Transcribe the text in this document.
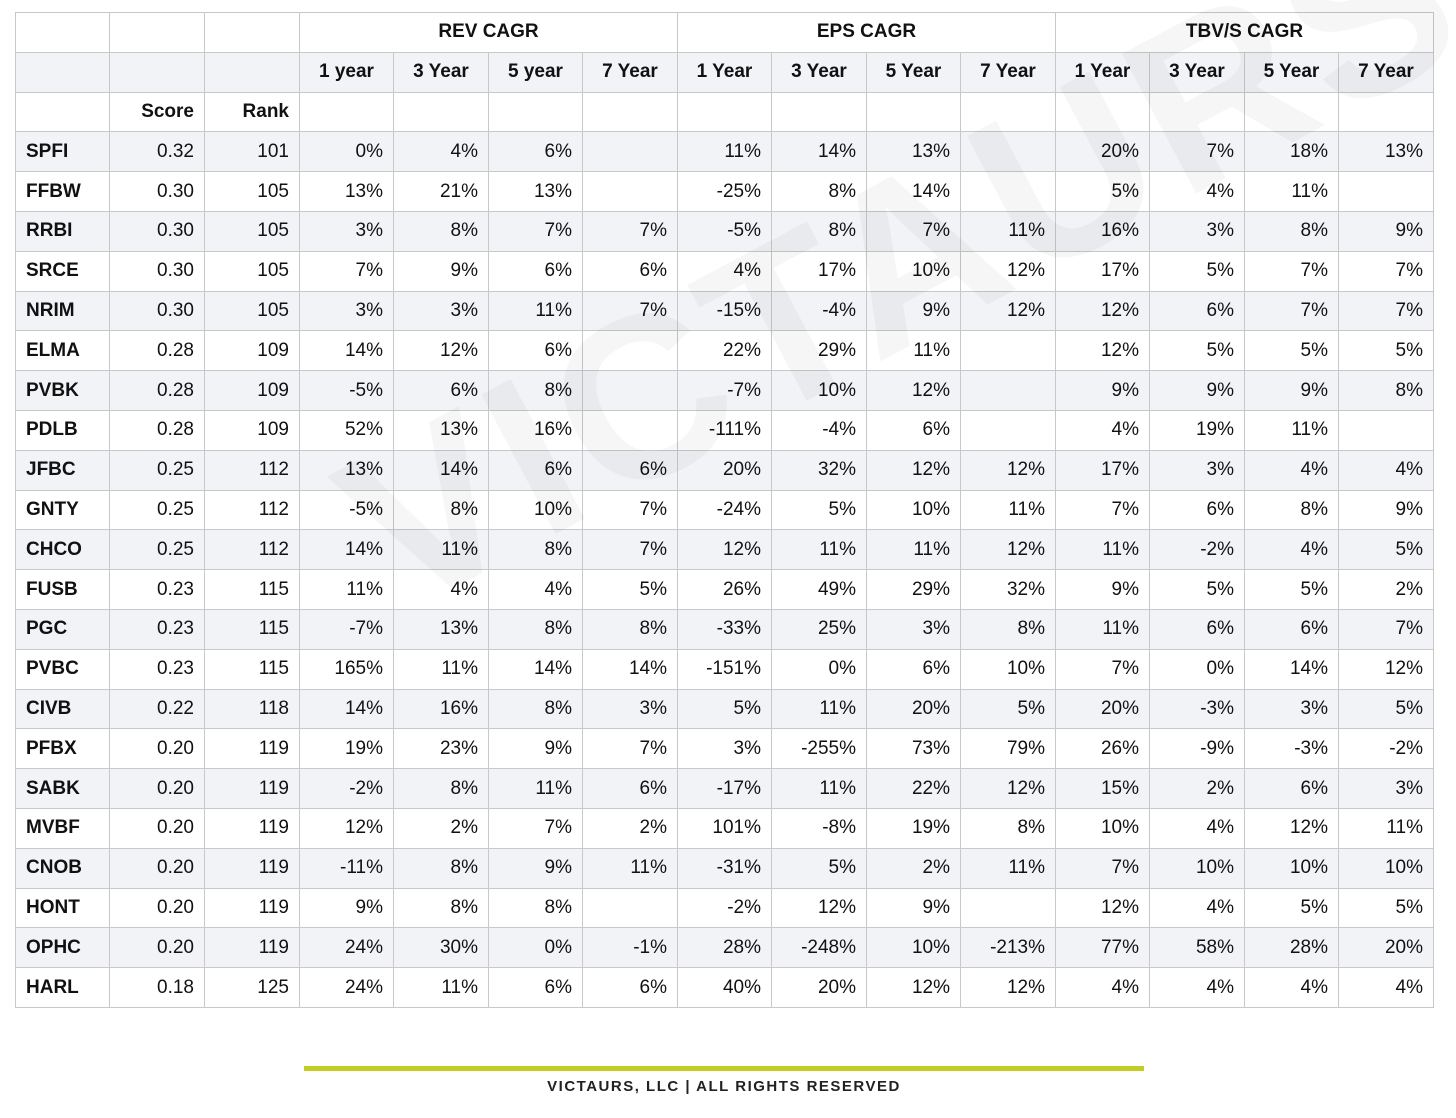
			REV CAGR				EPS CAGR				TBV/S CAGR			
			1 year	3 Year	5 year	7 Year	1 Year	3 Year	5 Year	7 Year	1 Year	3 Year	5 Year	7 Year
	Score	Rank												
SPFI	0.32	101	0%	4%	6%		11%	14%	13%		20%	7%	18%	13%
FFBW	0.30	105	13%	21%	13%		-25%	8%	14%		5%	4%	11%	
RRBI	0.30	105	3%	8%	7%	7%	-5%	8%	7%	11%	16%	3%	8%	9%
SRCE	0.30	105	7%	9%	6%	6%	4%	17%	10%	12%	17%	5%	7%	7%
NRIM	0.30	105	3%	3%	11%	7%	-15%	-4%	9%	12%	12%	6%	7%	7%
ELMA	0.28	109	14%	12%	6%		22%	29%	11%		12%	5%	5%	5%
PVBK	0.28	109	-5%	6%	8%		-7%	10%	12%		9%	9%	9%	8%
PDLB	0.28	109	52%	13%	16%		-111%	-4%	6%		4%	19%	11%	
JFBC	0.25	112	13%	14%	6%	6%	20%	32%	12%	12%	17%	3%	4%	4%
GNTY	0.25	112	-5%	8%	10%	7%	-24%	5%	10%	11%	7%	6%	8%	9%
CHCO	0.25	112	14%	11%	8%	7%	12%	11%	11%	12%	11%	-2%	4%	5%
FUSB	0.23	115	11%	4%	4%	5%	26%	49%	29%	32%	9%	5%	5%	2%
PGC	0.23	115	-7%	13%	8%	8%	-33%	25%	3%	8%	11%	6%	6%	7%
PVBC	0.23	115	165%	11%	14%	14%	-151%	0%	6%	10%	7%	0%	14%	12%
CIVB	0.22	118	14%	16%	8%	3%	5%	11%	20%	5%	20%	-3%	3%	5%
PFBX	0.20	119	19%	23%	9%	7%	3%	-255%	73%	79%	26%	-9%	-3%	-2%
SABK	0.20	119	-2%	8%	11%	6%	-17%	11%	22%	12%	15%	2%	6%	3%
MVBF	0.20	119	12%	2%	7%	2%	101%	-8%	19%	8%	10%	4%	12%	11%
CNOB	0.20	119	-11%	8%	9%	11%	-31%	5%	2%	11%	7%	10%	10%	10%
HONT	0.20	119	9%	8%	8%		-2%	12%	9%		12%	4%	5%	5%
OPHC	0.20	119	24%	30%	0%	-1%	28%	-248%	10%	-213%	77%	58%	28%	20%
HARL	0.18	125	24%	11%	6%	6%	40%	20%	12%	12%	4%	4%	4%	4%
VICTAURS, LLC | ALL RIGHTS RESERVED
